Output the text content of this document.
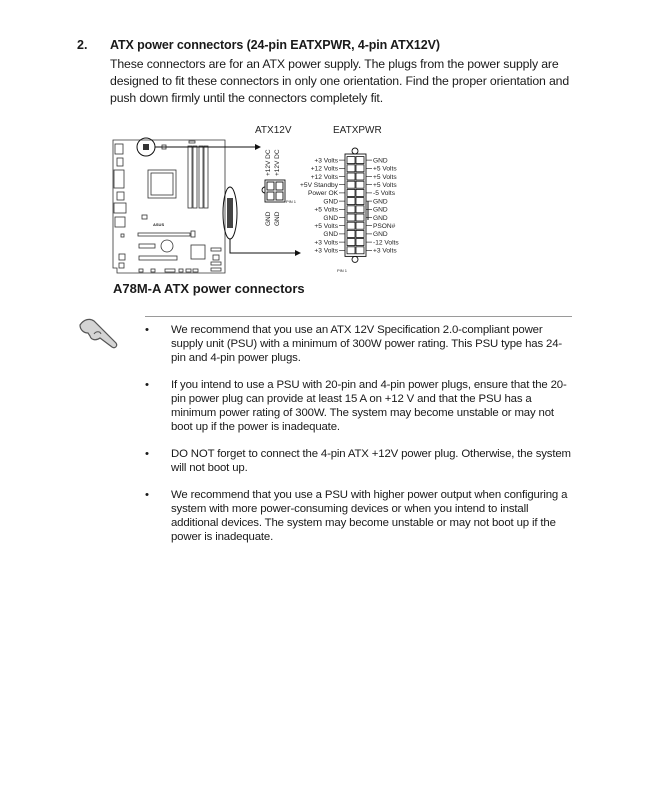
2. ATX power connectors (24-pin EATXPWR, 4-pin ATX12V)
These connectors are for an ATX power supply. The plugs from the power supply are designed to fit these connectors in only one orientation. Find the proper orientation and push down firmly until the connectors completely fit.
ASUS
ATX12V
+12V DC +12V DC
PIN 1
GND GND
EATXPWR
+3 Volts	GND
+12 Volts	+5 Volts
+12 Volts	+5 Volts
+5V Standby	+5 Volts
Power OK	-5 Volts
GND	GND
+5 Volts	GND
GND	GND
+5 Volts	PSON#
GND	GND
+3 Volts	-12 Volts
+3 Volts	+3 Volts
PIN 1
A78M-A ATX power connectors
• We recommend that you use an ATX 12V Specification 2.0-compliant power supply unit (PSU) with a minimum of 300W power rating. This PSU type has 24-pin and 4-pin power plugs.
• If you intend to use a PSU with 20-pin and 4-pin power plugs, ensure that the 20-pin power plug can provide at least 15 A on +12 V and that the PSU has a minimum power rating of 300W. The system may become unstable or may not boot up if the power is inadequate.
• DO NOT forget to connect the 4-pin ATX +12V power plug. Otherwise, the system will not boot up.
• We recommend that you use a PSU with higher power output when configuring a system with more power-consuming devices or when you intend to install additional devices. The system may become unstable or may not boot up if the power is inadequate.
